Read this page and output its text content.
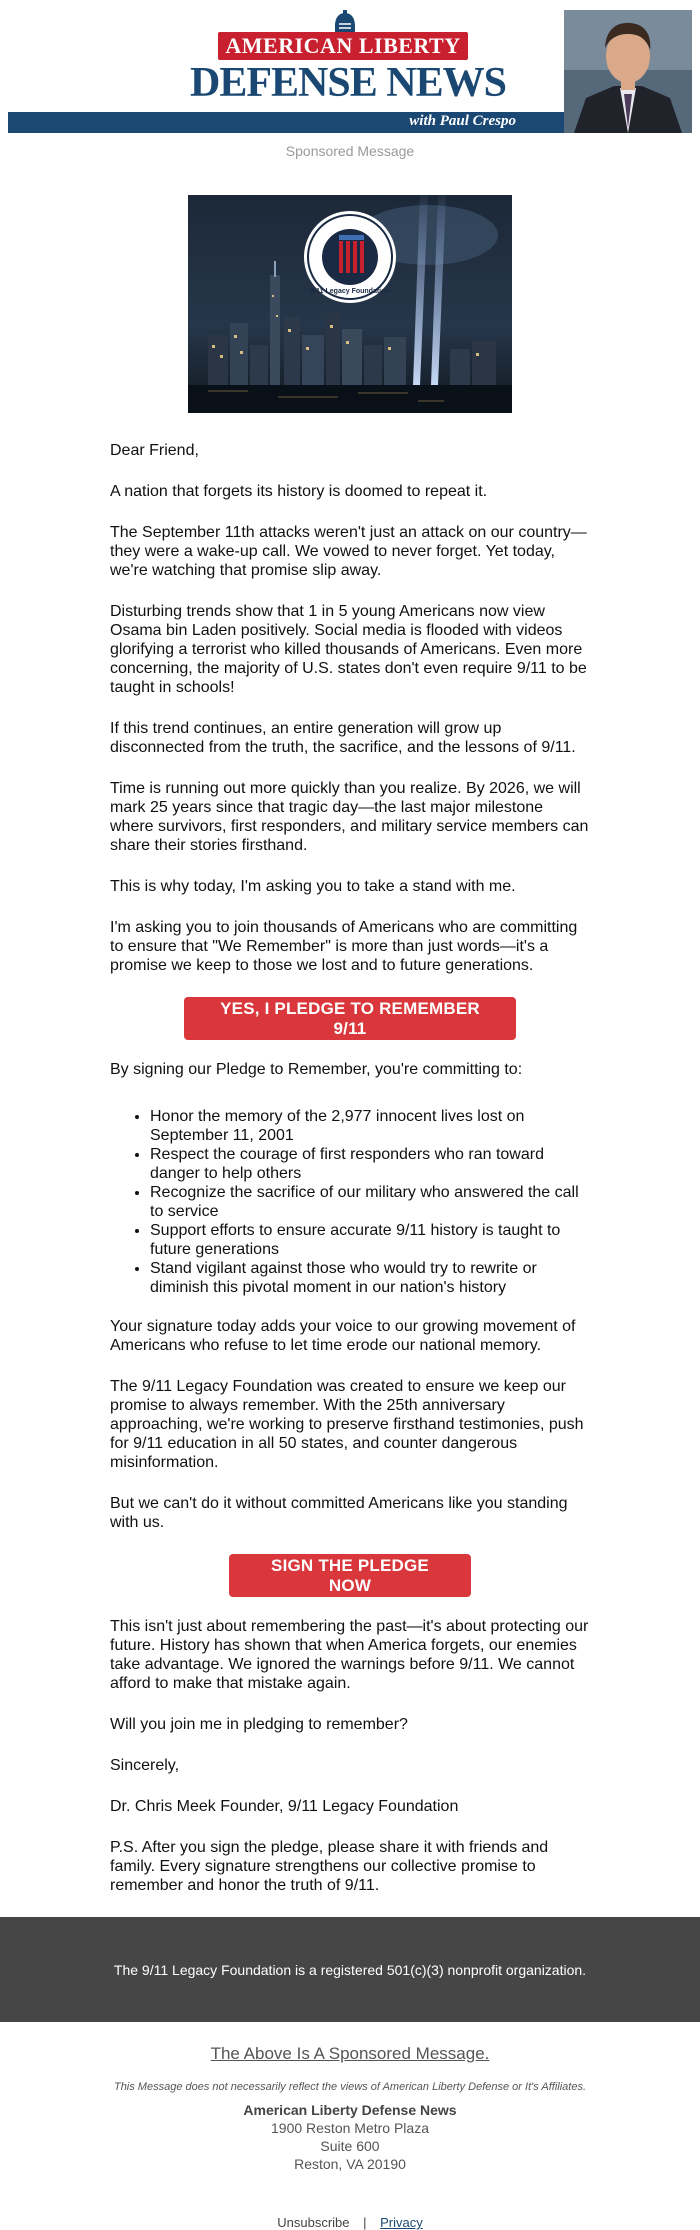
AMERICAN LIBERTY
DEFENSE NEWS
with Paul Crespo
Sponsored Message
9/11 Legacy Foundation

Dear Friend,

A nation that forgets its history is doomed to repeat it.

The September 11th attacks weren't just an attack on our country—they were a wake-up call. We vowed to never forget. Yet today, we're watching that promise slip away.

Disturbing trends show that 1 in 5 young Americans now view Osama bin Laden positively. Social media is flooded with videos glorifying a terrorist who killed thousands of Americans. Even more concerning, the majority of U.S. states don't even require 9/11 to be taught in schools!

If this trend continues, an entire generation will grow up disconnected from the truth, the sacrifice, and the lessons of 9/11.

Time is running out more quickly than you realize. By 2026, we will mark 25 years since that tragic day—the last major milestone where survivors, first responders, and military service members can share their stories firsthand.

This is why today, I'm asking you to take a stand with me.

I'm asking you to join thousands of Americans who are committing to ensure that "We Remember" is more than just words—it's a promise we keep to those we lost and to future generations.

YES, I PLEDGE TO REMEMBER 9/11

By signing our Pledge to Remember, you're committing to:

• Honor the memory of the 2,977 innocent lives lost on September 11, 2001
• Respect the courage of first responders who ran toward danger to help others
• Recognize the sacrifice of our military who answered the call to service
• Support efforts to ensure accurate 9/11 history is taught to future generations
• Stand vigilant against those who would try to rewrite or diminish this pivotal moment in our nation's history

Your signature today adds your voice to our growing movement of Americans who refuse to let time erode our national memory.

The 9/11 Legacy Foundation was created to ensure we keep our promise to always remember. With the 25th anniversary approaching, we're working to preserve firsthand testimonies, push for 9/11 education in all 50 states, and counter dangerous misinformation.

But we can't do it without committed Americans like you standing with us.

SIGN THE PLEDGE NOW

This isn't just about remembering the past—it's about protecting our future. History has shown that when America forgets, our enemies take advantage. We ignored the warnings before 9/11. We cannot afford to make that mistake again.

Will you join me in pledging to remember?

Sincerely,

Dr. Chris Meek Founder, 9/11 Legacy Foundation

P.S. After you sign the pledge, please share it with friends and family. Every signature strengthens our collective promise to remember and honor the truth of 9/11.

The 9/11 Legacy Foundation is a registered 501(c)(3) nonprofit organization.
The Above Is A Sponsored Message.
This Message does not necessarily reflect the views of American Liberty Defense or It's Affiliates.
American Liberty Defense News
1900 Reston Metro Plaza
Suite 600
Reston, VA 20190
Unsubscribe | Privacy
